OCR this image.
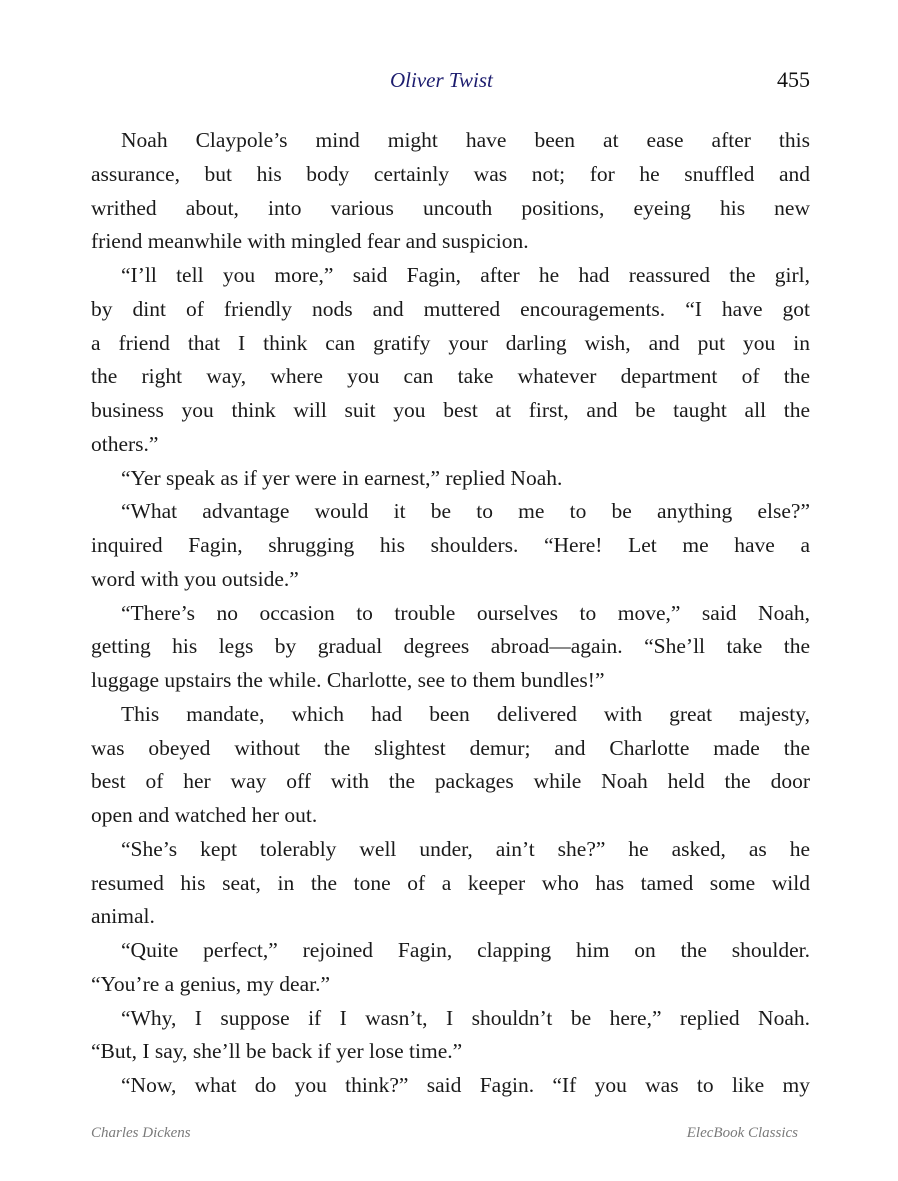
Oliver Twist	455
Noah Claypole’s mind might have been at ease after this
assurance, but his body certainly was not; for he snuffled and
writhed about, into various uncouth positions, eyeing his new
friend meanwhile with mingled fear and suspicion.
“I’ll tell you more,” said Fagin, after he had reassured the girl,
by dint of friendly nods and muttered encouragements. “I have got
a friend that I think can gratify your darling wish, and put you in
the right way, where you can take whatever department of the
business you think will suit you best at first, and be taught all the
others.”
“Yer speak as if yer were in earnest,” replied Noah.
“What advantage would it be to me to be anything else?”
inquired Fagin, shrugging his shoulders. “Here! Let me have a
word with you outside.”
“There’s no occasion to trouble ourselves to move,” said Noah,
getting his legs by gradual degrees abroad—again. “She’ll take the
luggage upstairs the while. Charlotte, see to them bundles!”
This mandate, which had been delivered with great majesty,
was obeyed without the slightest demur; and Charlotte made the
best of her way off with the packages while Noah held the door
open and watched her out.
“She’s kept tolerably well under, ain’t she?” he asked, as he
resumed his seat, in the tone of a keeper who has tamed some wild
animal.
“Quite perfect,” rejoined Fagin, clapping him on the shoulder.
“You’re a genius, my dear.”
“Why, I suppose if I wasn’t, I shouldn’t be here,” replied Noah.
“But, I say, she’ll be back if yer lose time.”
“Now, what do you think?” said Fagin. “If you was to like my
Charles Dickens	ElecBook Classics
